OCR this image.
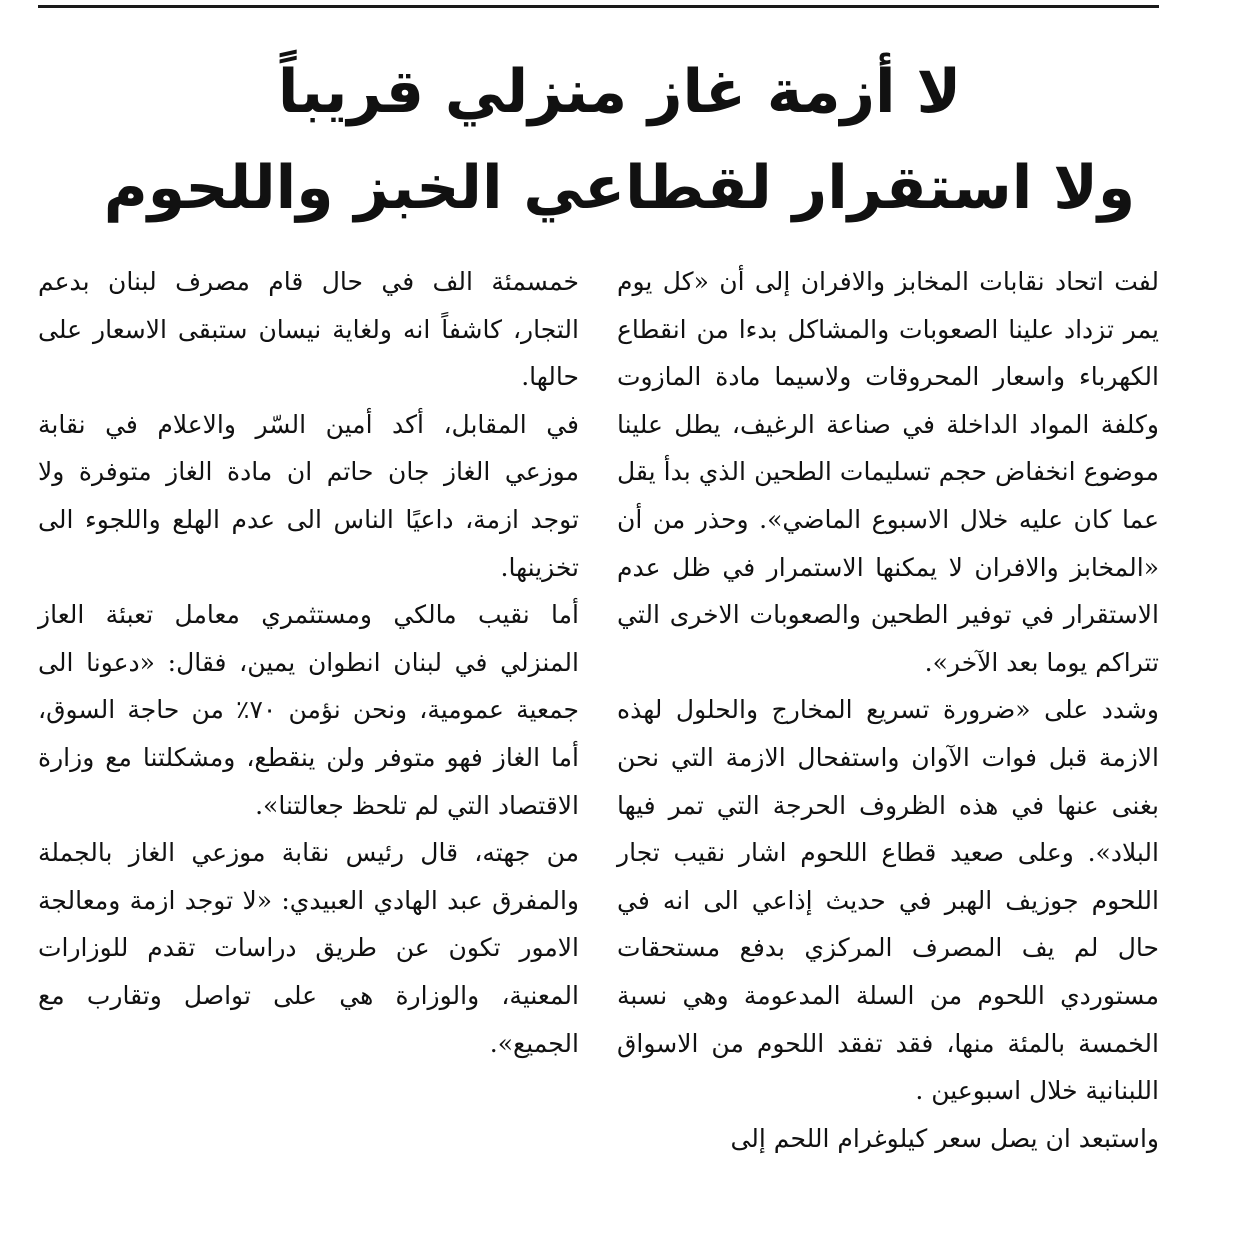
لا أزمة غاز منزلي قريباً
ولا استقرار لقطاعي الخبز واللحوم

لفت اتحاد نقابات المخابز والافران إلى أن «كل يوم يمر تزداد علينا الصعوبات والمشاكل بدءا من انقطاع الكهرباء واسعار المحروقات ولاسيما مادة المازوت وكلفة المواد الداخلة في صناعة الرغيف، يطل علينا موضوع انخفاض حجم تسليمات الطحين الذي بدأ يقل عما كان عليه خلال الاسبوع الماضي». وحذر من أن «المخابز والافران لا يمكنها الاستمرار في ظل عدم الاستقرار في توفير الطحين والصعوبات الاخرى التي تتراكم يوما بعد الآخر».

وشدد على «ضرورة تسريع المخارج والحلول لهذه الازمة قبل فوات الآوان واستفحال الازمة التي نحن بغنى عنها في هذه الظروف الحرجة التي تمر فيها البلاد». وعلى صعيد قطاع اللحوم اشار نقيب تجار اللحوم جوزيف الهبر في حديث إذاعي الى انه في حال لم يف المصرف المركزي بدفع مستحقات مستوردي اللحوم من السلة المدعومة وهي نسبة الخمسة بالمئة منها، فقد تفقد اللحوم من الاسواق اللبنانية خلال اسبوعين .

واستبعد ان يصل سعر كيلوغرام اللحم إلى

خمسمئة الف في حال قام مصرف لبنان بدعم التجار، كاشفاً انه ولغاية نيسان ستبقى الاسعار على حالها.

في المقابل، أكد أمين السّر والاعلام في نقابة موزعي الغاز جان حاتم ان مادة الغاز متوفرة ولا توجد ازمة، داعيًا الناس الى عدم الهلع واللجوء الى تخزينها.

أما نقيب مالكي ومستثمري معامل تعبئة العاز المنزلي في لبنان انطوان يمين، فقال: «دعونا الى جمعية عمومية، ونحن نؤمن ٧٠٪ من حاجة السوق، أما الغاز فهو متوفر ولن ينقطع، ومشكلتنا مع وزارة الاقتصاد التي لم تلحظ جعالتنا».

من جهته، قال رئيس نقابة موزعي الغاز بالجملة والمفرق عبد الهادي العبيدي: «لا توجد ازمة ومعالجة الامور تكون عن طريق دراسات تقدم للوزارات المعنية، والوزارة هي على تواصل وتقارب مع الجميع».
